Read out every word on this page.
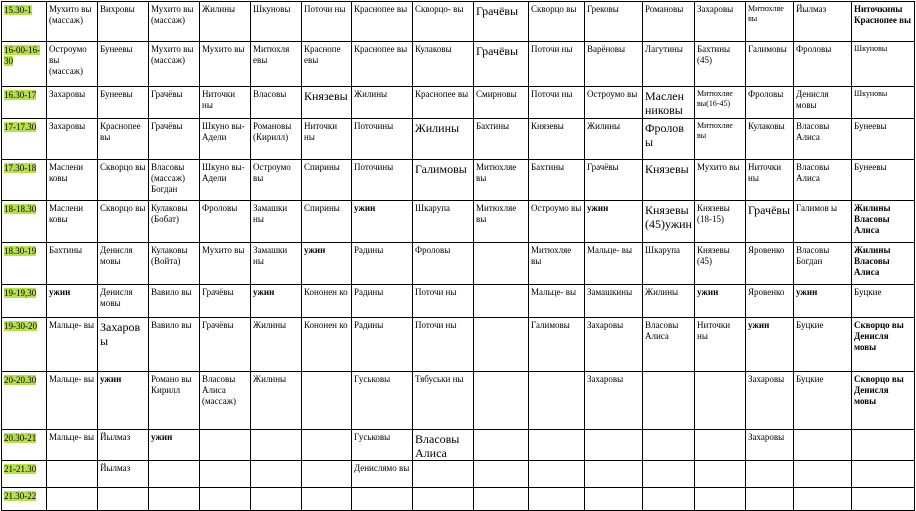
15.30-1	Мухито вы (массаж)	Вихровы	Мухито вы (массаж)	Жилины	Шкуновы	Поточи ны	Краснопее вы	Скворцо- вы	Грачёвы	Скворцо вы	Грековы	Романовы	Захаровы	Митюхляе вы	Йылмаз	Ниточкины Краснопее вы
16-00-16-30	Остроумо вы (массаж)	Бунеевы	Мухито вы (массаж)	Мухито вы	Митюхля евы	Краснопе евы	Краснопее вы	Кулаковы	Грачёвы	Поточи ны	Варёновы	Лагутины	Бахтины (45)	Галимовы	Фроловы	Шкуновы
16.30-17	Захаровы	Бунеевы	Грачёвы	Ниточки ны	Власовы	Князевы	Жилины	Краснопее вы	Смирновы	Поточи ны	Остроумо вы	Маслен никовы	Митюхляе вы(16-45)	Фроловы	Денисля мовы	Шкуновы
17-17.30	Захаровы	Краснопее вы	Грачёвы	Шкуно вы-Адели	Романовы (Кирилл)	Ниточки ны	Поточины	Жилины	Бахтины	Князевы	Жилины	Фроловы	Митюхляе вы	Кулаковы	Власовы Алиса	Бунеевы
17.30-18	Маслени ковы	Скворцо вы	Власовы (массаж) Богдан	Шкуно вы-Адели	Остроумо вы	Спирины	Поточины	Галимовы	Митюхляе вы	Бахтины	Грачёвы	Князевы	Мухито вы	Ниточки ны	Власовы Алиса	Бунеевы
18-18.30	Маслени ковы	Скворцо вы	Кулаковы (Бобат)	Фроловы	Замашки ны	Спирины	ужин	Шкарупа	Митюхляе вы	Остроумо вы	ужин	Князевы (45)ужин	Князевы (18-15)	Грачёвы	Галимов ы	Жилины Власовы Алиса
18.30-19	Бахтины	Денисля мовы	Кулаковы (Войта)	Мухито вы	Замашки ны	ужин	Радины	Фроловы		Митюхляе вы	Мальце- вы	Шкарупа	Князевы (45)	Яровенко	Власовы Богдан	Жилины Власовы Алиса
19-19,30	ужин	Денисля мовы	Вавило вы	Грачёвы	ужин	Кононен ко	Радины	Поточи ны		Мальце- вы	Замашкины	Жилины	ужин	Яровенко	ужин	Буцкие
19-30-20	Мальце- вы	Захаровы	Вавило вы	Грачёвы	Жилины	Кононен ко	Радины	Поточи ны		Галимовы	Захаровы	Власовы Алиса	Ниточки ны	ужин	Буцкие	Скворцо вы Денисля мовы
20-20.30	Мальце- вы	ужин	Романо вы Кирилл	Власовы Алиса (массаж)	Жилины		Гуськовы	Тябуськи ны			Захаровы			Захаровы	Буцкие	Скворцо вы Денисля мовы
20.30-21	Мальце- вы	Йылмаз	ужин				Гуськовы	Власовы Алиса						Захаровы		
21-21.30		Йылмаз					Денислямо вы									
21.30-22																
